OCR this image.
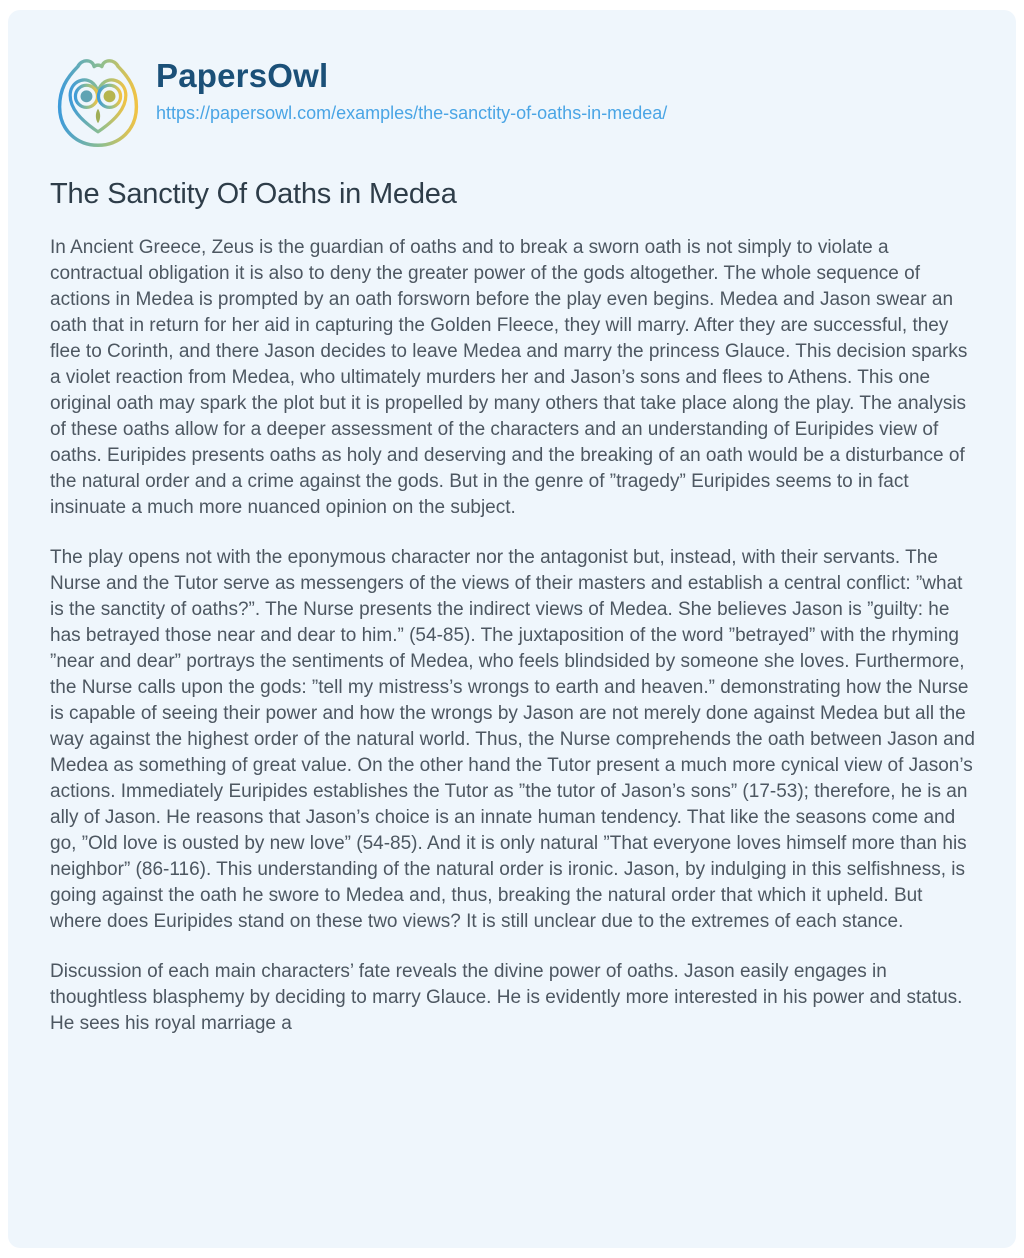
PapersOwl
https://papersowl.com/examples/the-sanctity-of-oaths-in-medea/
The Sanctity Of Oaths in Medea

In Ancient Greece, Zeus is the guardian of oaths and to break a sworn oath is not simply to violate a contractual obligation it is also to deny the greater power of the gods altogether. The whole sequence of actions in Medea is prompted by an oath forsworn before the play even begins. Medea and Jason swear an oath that in return for her aid in capturing the Golden Fleece, they will marry. After they are successful, they flee to Corinth, and there Jason decides to leave Medea and marry the princess Glauce. This decision sparks a violet reaction from Medea, who ultimately murders her and Jason’s sons and flees to Athens. This one original oath may spark the plot but it is propelled by many others that take place along the play. The analysis of these oaths allow for a deeper assessment of the characters and an understanding of Euripides view of oaths. Euripides presents oaths as holy and deserving and the breaking of an oath would be a disturbance of the natural order and a crime against the gods. But in the genre of ”tragedy” Euripides seems to in fact insinuate a much more nuanced opinion on the subject.

The play opens not with the eponymous character nor the antagonist but, instead, with their servants. The Nurse and the Tutor serve as messengers of the views of their masters and establish a central conflict: ”what is the sanctity of oaths?”. The Nurse presents the indirect views of Medea. She believes Jason is ”guilty: he has betrayed those near and dear to him.” (54-85). The juxtaposition of the word ”betrayed” with the rhyming ”near and dear” portrays the sentiments of Medea, who feels blindsided by someone she loves. Furthermore, the Nurse calls upon the gods: ”tell my mistress’s wrongs to earth and heaven.” demonstrating how the Nurse is capable of seeing their power and how the wrongs by Jason are not merely done against Medea but all the way against the highest order of the natural world. Thus, the Nurse comprehends the oath between Jason and Medea as something of great value. On the other hand the Tutor present a much more cynical view of Jason’s actions. Immediately Euripides establishes the Tutor as ”the tutor of Jason’s sons” (17-53); therefore, he is an ally of Jason. He reasons that Jason’s choice is an innate human tendency. That like the seasons come and go, ”Old love is ousted by new love” (54-85). And it is only natural ”That everyone loves himself more than his neighbor” (86-116). This understanding of the natural order is ironic. Jason, by indulging in this selfishness, is going against the oath he swore to Medea and, thus, breaking the natural order that which it upheld. But where does Euripides stand on these two views? It is still unclear due to the extremes of each stance.

Discussion of each main characters’ fate reveals the divine power of oaths. Jason easily engages in thoughtless blasphemy by deciding to marry Glauce. He is evidently more interested in his power and status. He sees his royal marriage a
